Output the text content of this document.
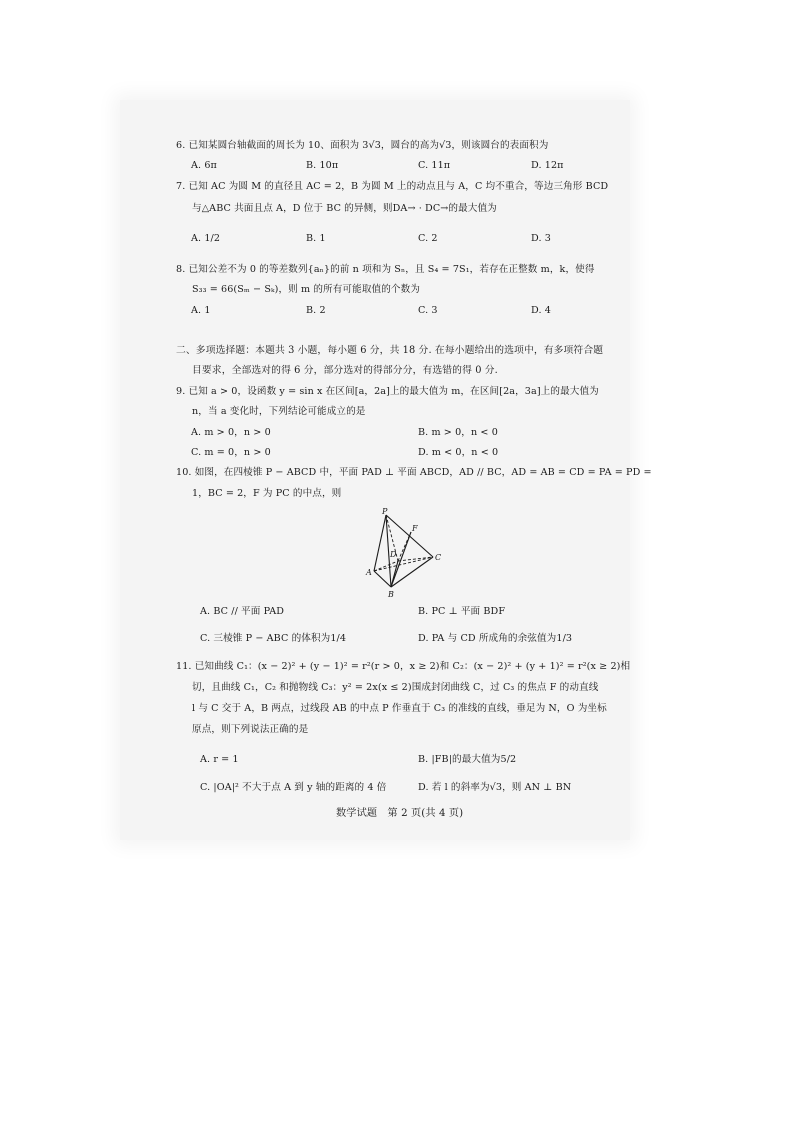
6. 已知某圆台轴截面的周长为 10、面积为 3√3，圆台的高为√3，则该圆台的表面积为
A. 6π	B. 10π	C. 11π	D. 12π
7. 已知 AC 为圆 M 的直径且 AC = 2，B 为圆 M 上的动点且与 A，C 均不重合，等边三角形 BCD
与△ABC 共面且点 A，D 位于 BC 的异侧，则DA→ · DC→的最大值为
A. 1/2	B. 1	C. 2	D. 3
8. 已知公差不为 0 的等差数列{aₙ}的前 n 项和为 Sₙ，且 S₄ = 7S₁，若存在正整数 m，k，使得
S₃₃ = 66(Sₘ − Sₖ)，则 m 的所有可能取值的个数为
A. 1	B. 2	C. 3	D. 4
二、多项选择题：本题共 3 小题，每小题 6 分，共 18 分. 在每小题给出的选项中，有多项符合题
目要求，全部选对的得 6 分，部分选对的得部分分，有选错的得 0 分.
9. 已知 a > 0，设函数 y = sin x 在区间[a，2a]上的最大值为 m，在区间[2a，3a]上的最大值为
n，当 a 变化时，下列结论可能成立的是
A. m > 0，n > 0	B. m > 0，n < 0
C. m = 0，n > 0	D. m < 0，n < 0
10. 如图，在四棱锥 P − ABCD 中，平面 PAD ⊥ 平面 ABCD，AD // BC，AD = AB = CD = PA = PD =
1，BC = 2，F 为 PC 的中点，则
P
F
D	C
A
B
A. BC // 平面 PAD	B. PC ⊥ 平面 BDF
C. 三棱锥 P − ABC 的体积为1/4	D. PA 与 CD 所成角的余弦值为1/3
11. 已知曲线 C₁：(x − 2)² + (y − 1)² = r²(r > 0，x ≥ 2)和 C₂：(x − 2)² + (y + 1)² = r²(x ≥ 2)相
切，且曲线 C₁，C₂ 和抛物线 C₃：y² = 2x(x ≤ 2)围成封闭曲线 C，过 C₃ 的焦点 F 的动直线
l 与 C 交于 A，B 两点，过线段 AB 的中点 P 作垂直于 C₃ 的准线的直线，垂足为 N，O 为坐标
原点，则下列说法正确的是
A. r = 1	B. |FB|的最大值为5/2
C. |OA|² 不大于点 A 到 y 轴的距离的 4 倍	D. 若 l 的斜率为√3，则 AN ⊥ BN
数学试题　第 2 页(共 4 页)
